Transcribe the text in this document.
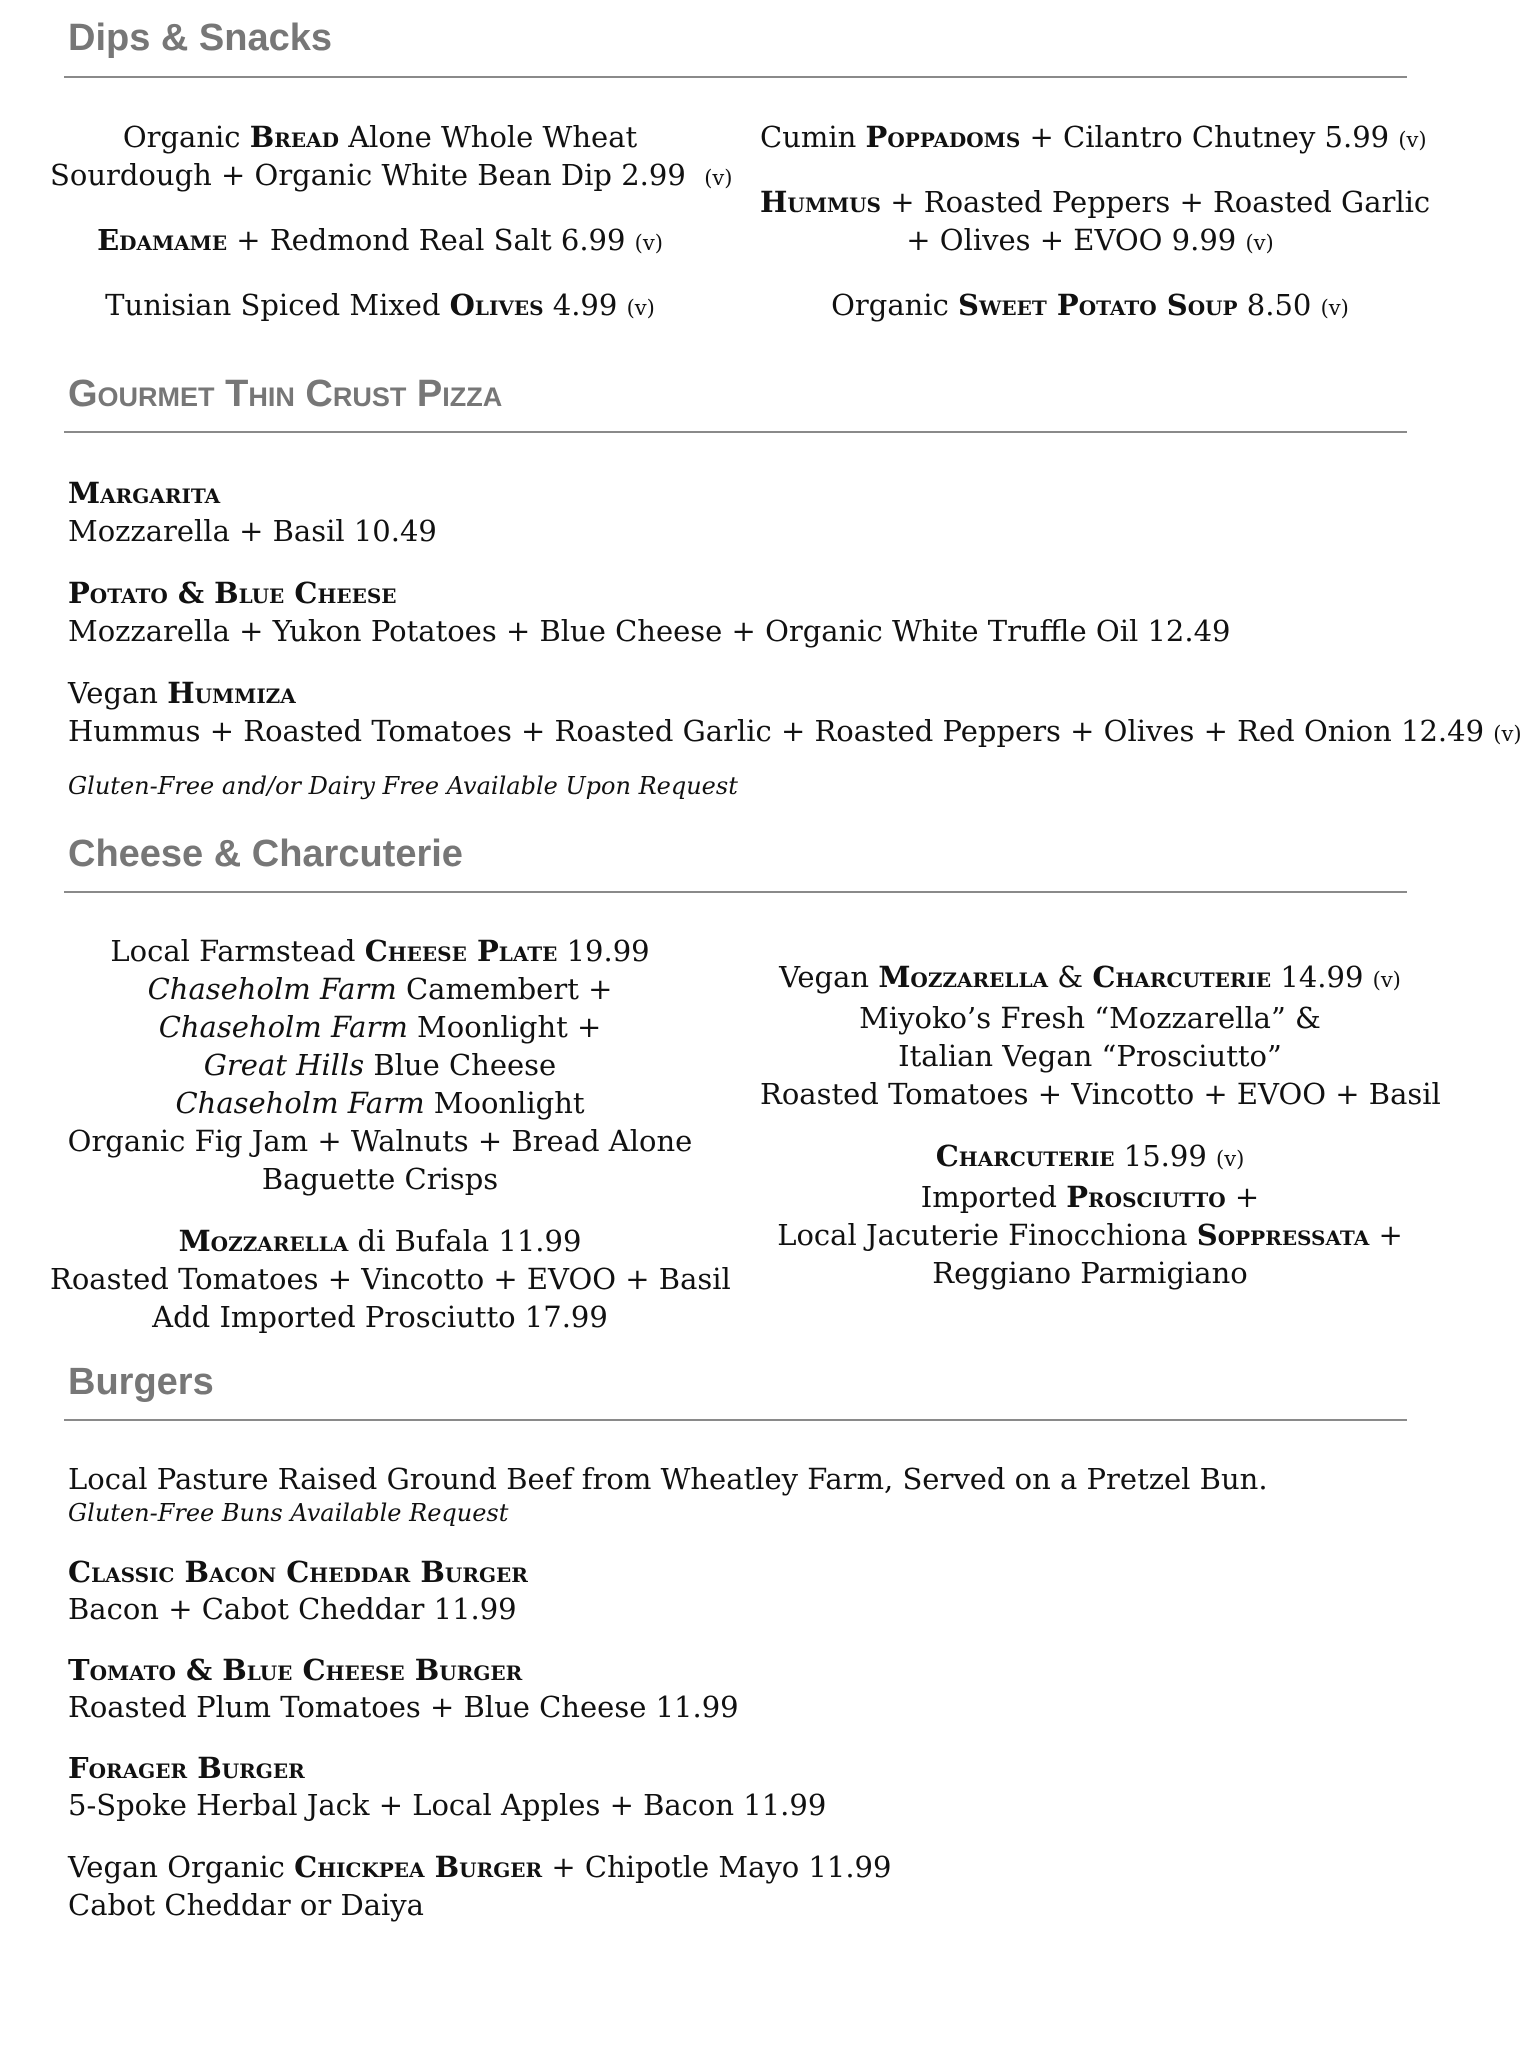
Dips & Snacks
Organic Bread Alone Whole Wheat
Sourdough + Organic White Bean Dip 2.99 (v)
Edamame + Redmond Real Salt 6.99 (v)
Tunisian Spiced Mixed Olives 4.99 (v)
Cumin Poppadoms + Cilantro Chutney 5.99 (v)
Hummus + Roasted Peppers + Roasted Garlic
+ Olives + EVOO 9.99 (v)
Organic Sweet Potato Soup 8.50 (v)
Gourmet Thin Crust Pizza
Margarita
Mozzarella + Basil 10.49
Potato & Blue Cheese
Mozzarella + Yukon Potatoes + Blue Cheese + Organic White Truffle Oil 12.49
Vegan Hummiza
Hummus + Roasted Tomatoes + Roasted Garlic + Roasted Peppers + Olives + Red Onion 12.49 (v)
Gluten-Free and/or Dairy Free Available Upon Request
Cheese & Charcuterie
Local Farmstead Cheese Plate 19.99
Chaseholm Farm Camembert +
Chaseholm Farm Moonlight +
Great Hills Blue Cheese
Chaseholm Farm Moonlight
Organic Fig Jam + Walnuts + Bread Alone
Baguette Crisps
Mozzarella di Bufala 11.99
Roasted Tomatoes + Vincotto + EVOO + Basil
Add Imported Prosciutto 17.99
Vegan Mozzarella & Charcuterie 14.99 (v)
Miyoko’s Fresh “Mozzarella” &
Italian Vegan “Prosciutto”
Roasted Tomatoes + Vincotto + EVOO + Basil
Charcuterie 15.99 (v)
Imported Prosciutto +
Local Jacuterie Finocchiona Soppressata +
Reggiano Parmigiano
Burgers
Local Pasture Raised Ground Beef from Wheatley Farm, Served on a Pretzel Bun.
Gluten-Free Buns Available Request
Classic Bacon Cheddar Burger
Bacon + Cabot Cheddar 11.99
Tomato & Blue Cheese Burger
Roasted Plum Tomatoes + Blue Cheese 11.99
Forager Burger
5-Spoke Herbal Jack + Local Apples + Bacon 11.99
Vegan Organic Chickpea Burger + Chipotle Mayo 11.99
Cabot Cheddar or Daiya
